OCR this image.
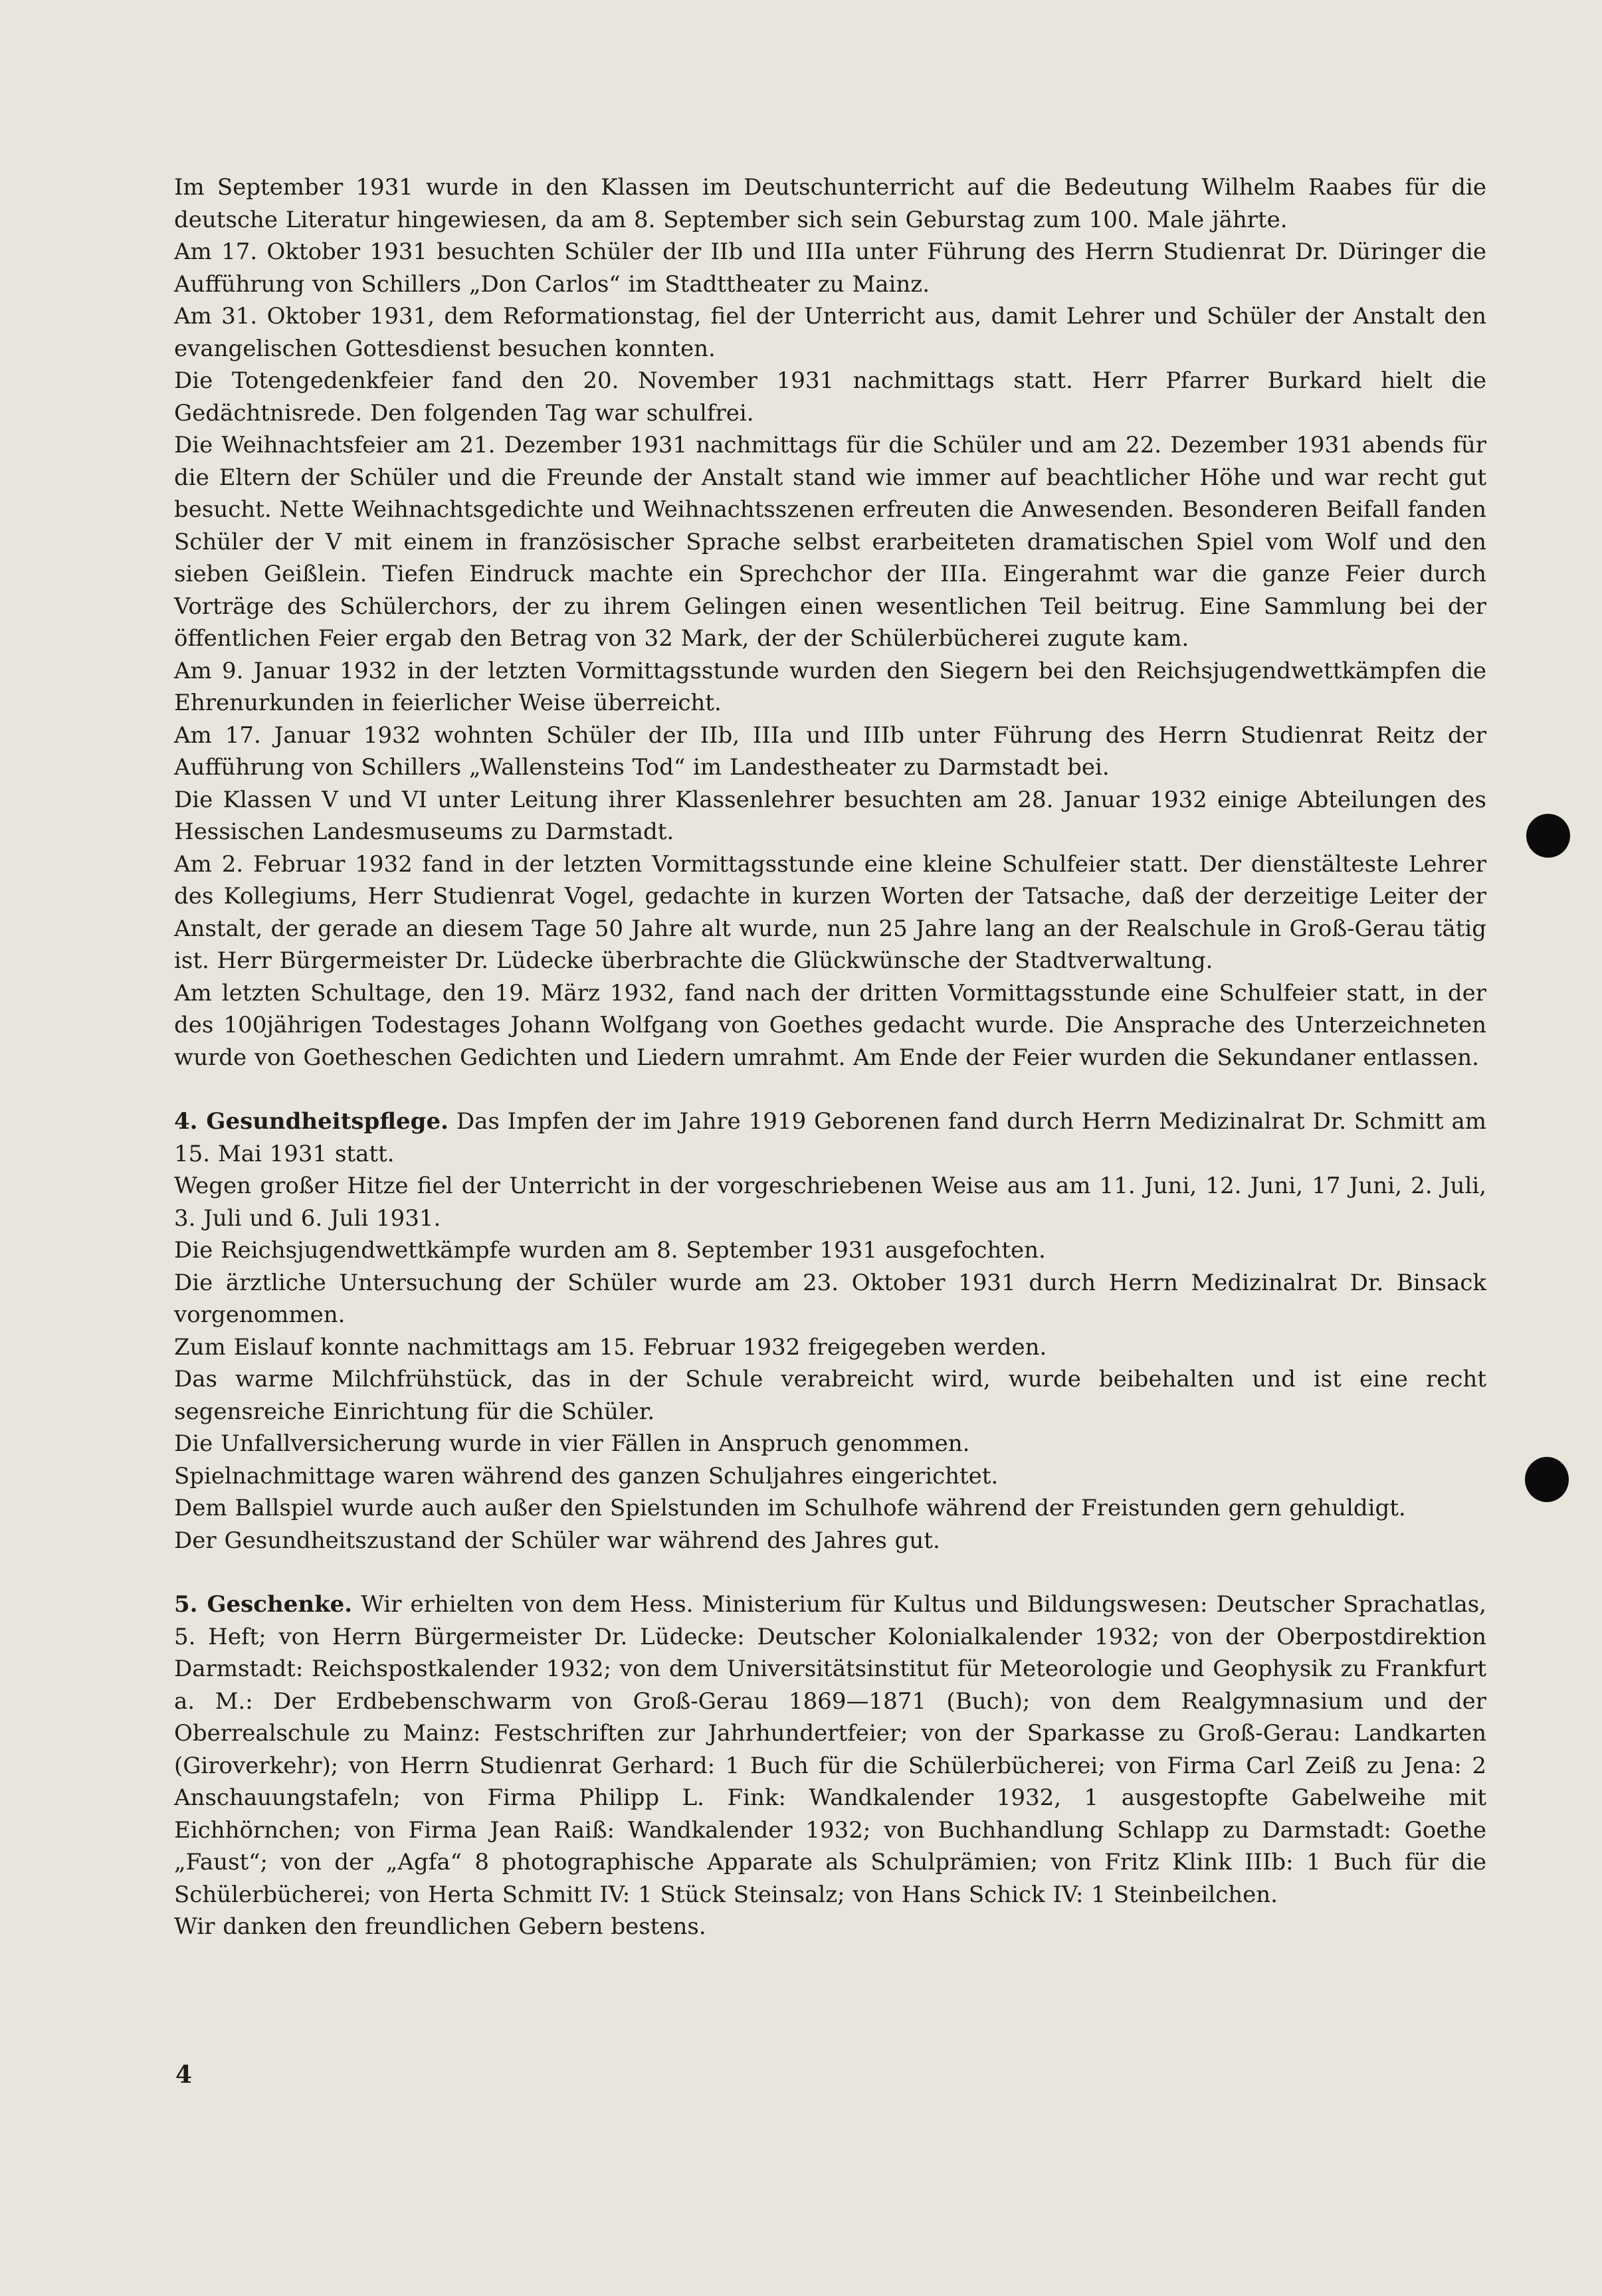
Im September 1931 wurde in den Klassen im Deutschunterricht auf die Bedeutung Wilhelm Raabes für die deutsche Literatur hingewiesen, da am 8. September sich sein Geburstag zum 100. Male jährte.

Am 17. Oktober 1931 besuchten Schüler der IIb und IIIa unter Führung des Herrn Studienrat Dr. Düringer die Aufführung von Schillers „Don Carlos“ im Stadttheater zu Mainz.

Am 31. Oktober 1931, dem Reformationstag, fiel der Unterricht aus, damit Lehrer und Schüler der Anstalt den evangelischen Gottesdienst besuchen konnten.

Die Totengedenkfeier fand den 20. November 1931 nachmittags statt. Herr Pfarrer Burkard hielt die Gedächtnisrede. Den folgenden Tag war schulfrei.

Die Weihnachtsfeier am 21. Dezember 1931 nachmittags für die Schüler und am 22. Dezember 1931 abends für die Eltern der Schüler und die Freunde der Anstalt stand wie immer auf beachtlicher Höhe und war recht gut besucht. Nette Weihnachtsgedichte und Weihnachtsszenen erfreuten die Anwesenden. Besonderen Beifall fanden Schüler der V mit einem in französischer Sprache selbst erarbeiteten dramatischen Spiel vom Wolf und den sieben Geißlein. Tiefen Eindruck machte ein Sprechchor der IIIa. Eingerahmt war die ganze Feier durch Vorträge des Schülerchors, der zu ihrem Gelingen einen wesentlichen Teil beitrug. Eine Sammlung bei der öffentlichen Feier ergab den Betrag von 32 Mark, der der Schülerbücherei zugute kam.

Am 9. Januar 1932 in der letzten Vormittagsstunde wurden den Siegern bei den Reichsjugendwettkämpfen die Ehrenurkunden in feierlicher Weise überreicht.

Am 17. Januar 1932 wohnten Schüler der IIb, IIIa und IIIb unter Führung des Herrn Studienrat Reitz der Aufführung von Schillers „Wallensteins Tod“ im Landestheater zu Darmstadt bei.

Die Klassen V und VI unter Leitung ihrer Klassenlehrer besuchten am 28. Januar 1932 einige Abteilungen des Hessischen Landesmuseums zu Darmstadt.

Am 2. Februar 1932 fand in der letzten Vormittagsstunde eine kleine Schulfeier statt. Der dienstälteste Lehrer des Kollegiums, Herr Studienrat Vogel, gedachte in kurzen Worten der Tatsache, daß der derzeitige Leiter der Anstalt, der gerade an diesem Tage 50 Jahre alt wurde, nun 25 Jahre lang an der Realschule in Groß-Gerau tätig ist. Herr Bürgermeister Dr. Lüdecke überbrachte die Glückwünsche der Stadtverwaltung.

Am letzten Schultage, den 19. März 1932, fand nach der dritten Vormittagsstunde eine Schulfeier statt, in der des 100jährigen Todestages Johann Wolfgang von Goethes gedacht wurde. Die Ansprache des Unterzeichneten wurde von Goetheschen Gedichten und Liedern umrahmt. Am Ende der Feier wurden die Sekundaner entlassen.

4. Gesundheitspflege. Das Impfen der im Jahre 1919 Geborenen fand durch Herrn Medizinalrat Dr. Schmitt am 15. Mai 1931 statt.

Wegen großer Hitze fiel der Unterricht in der vorgeschriebenen Weise aus am 11. Juni, 12. Juni, 17 Juni, 2. Juli, 3. Juli und 6. Juli 1931.

Die Reichsjugendwettkämpfe wurden am 8. September 1931 ausgefochten.

Die ärztliche Untersuchung der Schüler wurde am 23. Oktober 1931 durch Herrn Medizinalrat Dr. Binsack vorgenommen.

Zum Eislauf konnte nachmittags am 15. Februar 1932 freigegeben werden.

Das warme Milchfrühstück, das in der Schule verabreicht wird, wurde beibehalten und ist eine recht segensreiche Einrichtung für die Schüler.

Die Unfallversicherung wurde in vier Fällen in Anspruch genommen.

Spielnachmittage waren während des ganzen Schuljahres eingerichtet.

Dem Ballspiel wurde auch außer den Spielstunden im Schulhofe während der Freistunden gern gehuldigt.

Der Gesundheitszustand der Schüler war während des Jahres gut.

5. Geschenke. Wir erhielten von dem Hess. Ministerium für Kultus und Bildungswesen: Deutscher Sprachatlas, 5. Heft; von Herrn Bürgermeister Dr. Lüdecke: Deutscher Kolonialkalender 1932; von der Oberpostdirektion Darmstadt: Reichspostkalender 1932; von dem Universitätsinstitut für Meteorologie und Geophysik zu Frankfurt a. M.: Der Erdbebenschwarm von Groß-Gerau 1869—1871 (Buch); von dem Realgymnasium und der Oberrealschule zu Mainz: Festschriften zur Jahrhundertfeier; von der Sparkasse zu Groß-Gerau: Landkarten (Giroverkehr); von Herrn Studienrat Gerhard: 1 Buch für die Schülerbücherei; von Firma Carl Zeiß zu Jena: 2 Anschauungstafeln; von Firma Philipp L. Fink: Wandkalender 1932, 1 ausgestopfte Gabelweihe mit Eichhörnchen; von Firma Jean Raiß: Wandkalender 1932; von Buchhandlung Schlapp zu Darmstadt: Goethe „Faust“; von der „Agfa“ 8 photographische Apparate als Schulprämien; von Fritz Klink IIIb: 1 Buch für die Schülerbücherei; von Herta Schmitt IV: 1 Stück Steinsalz; von Hans Schick IV: 1 Steinbeilchen.

Wir danken den freundlichen Gebern bestens.

4
